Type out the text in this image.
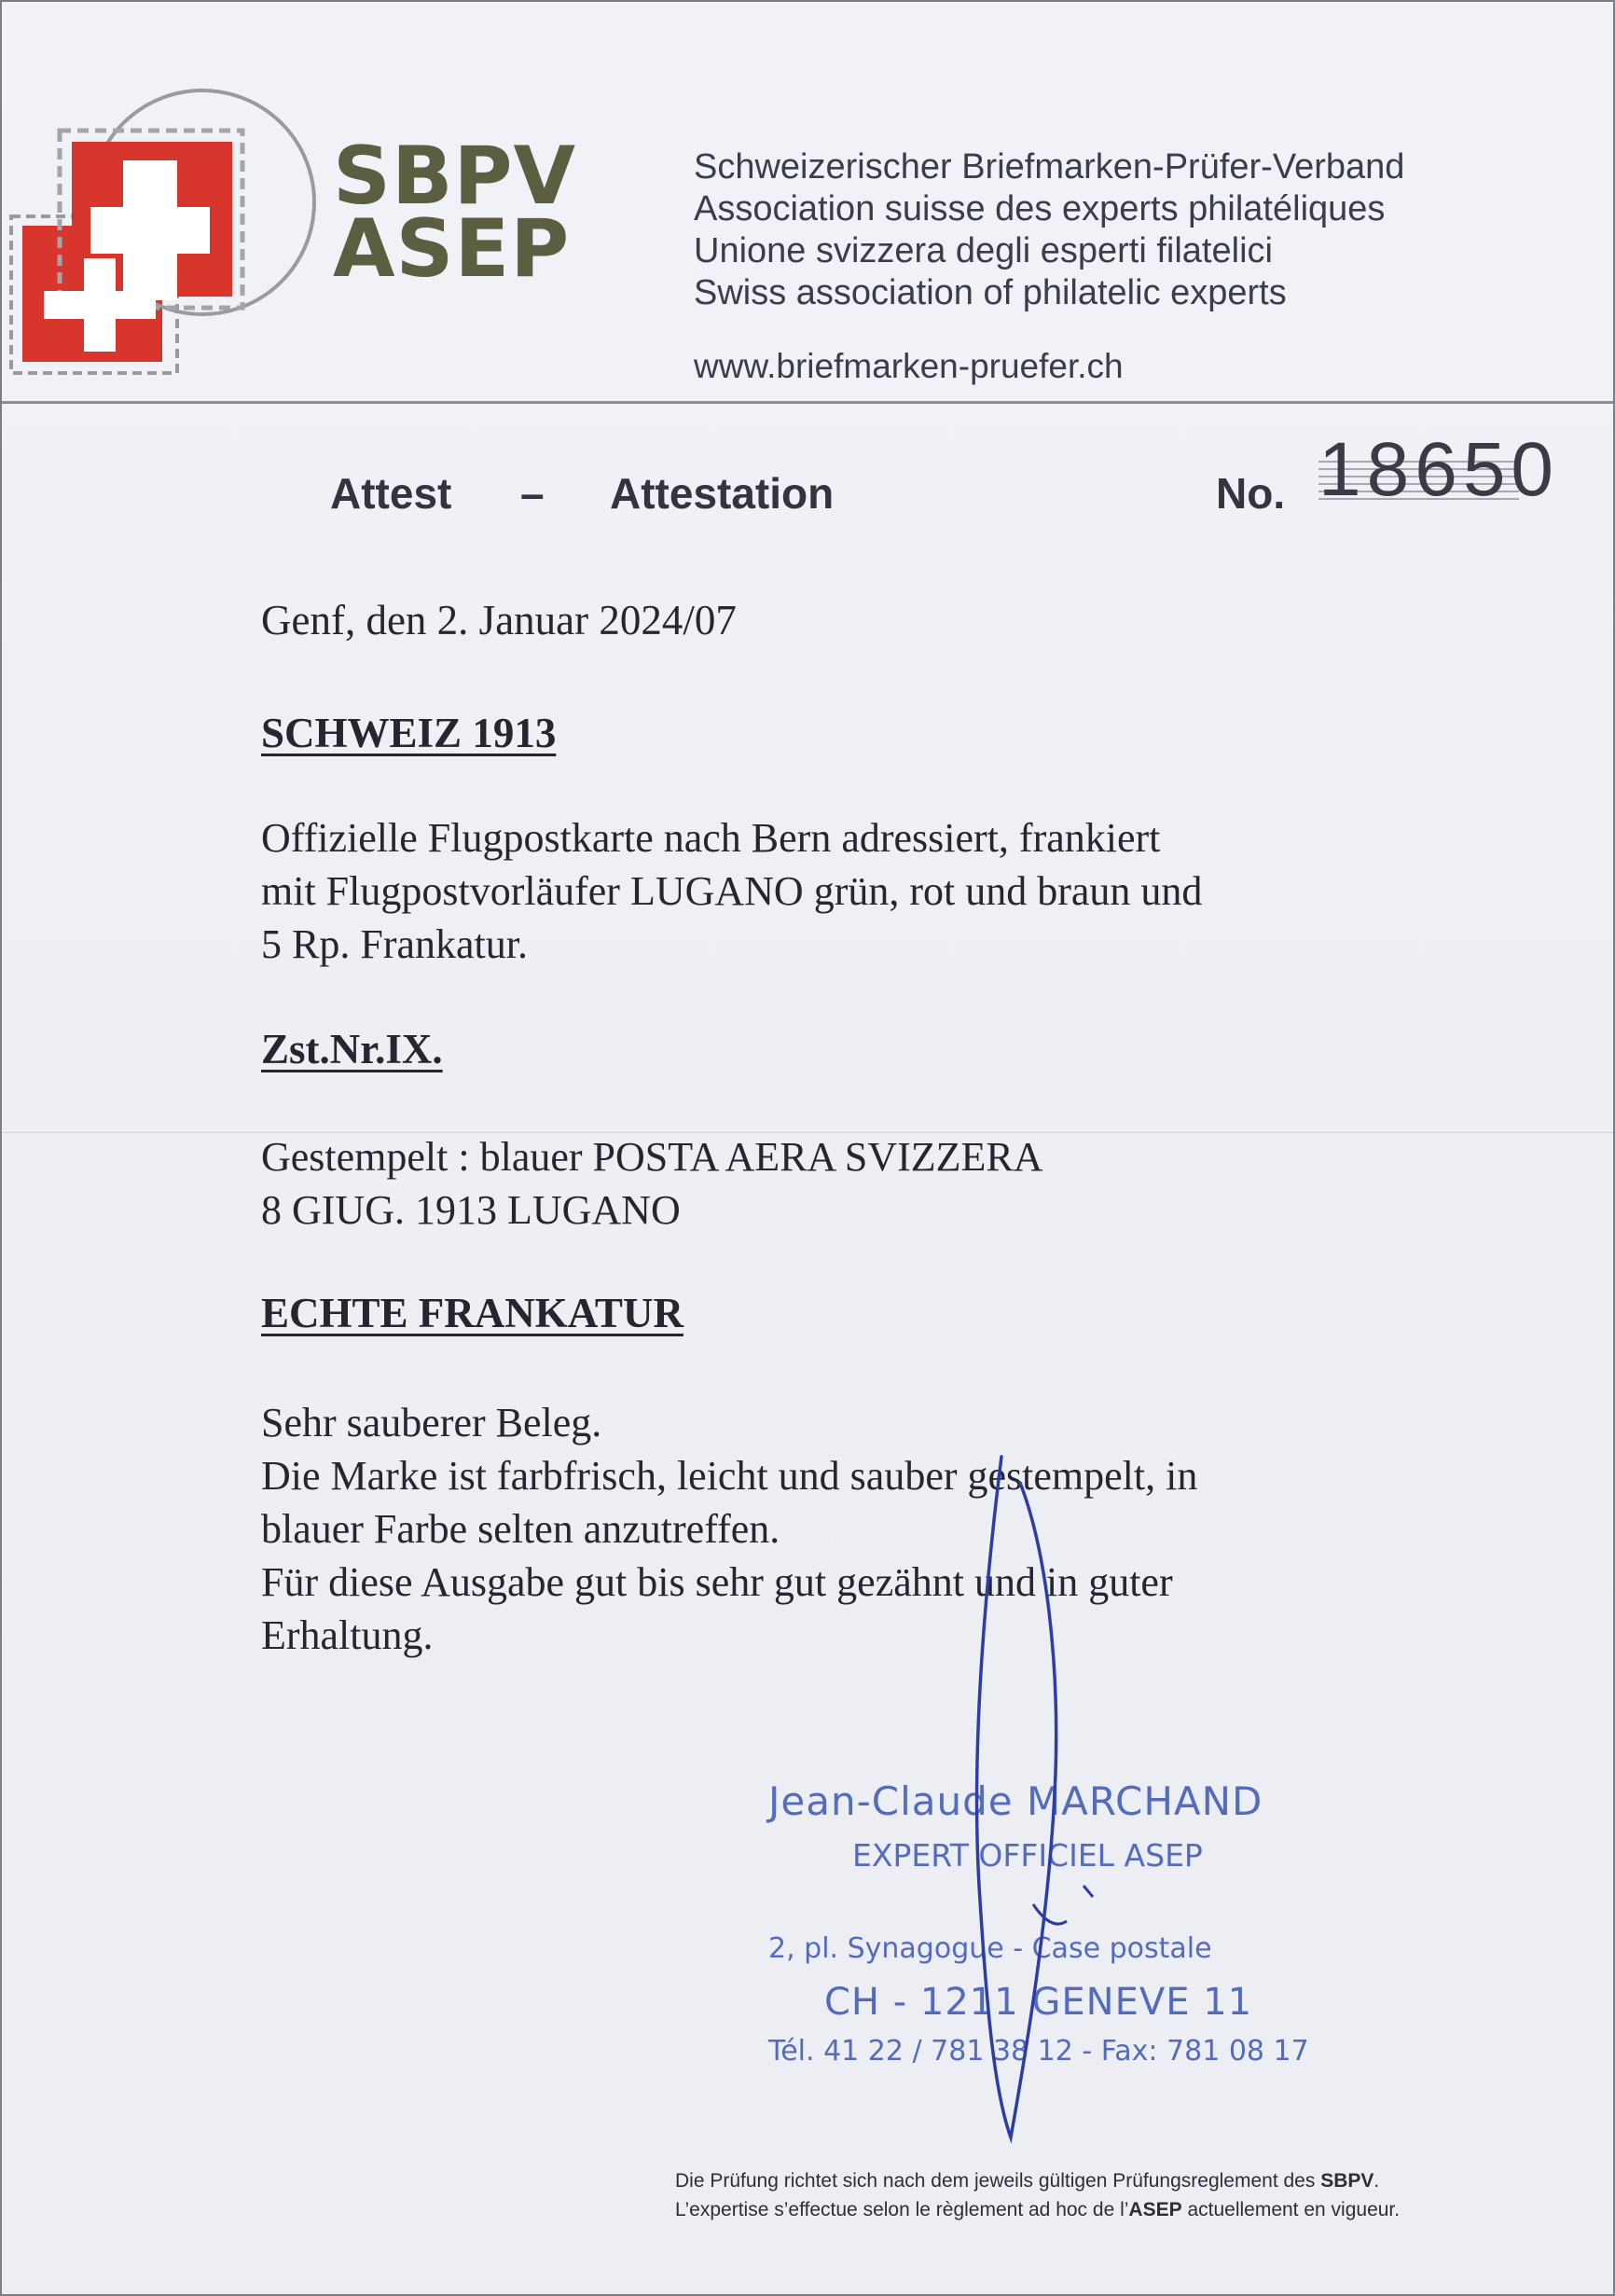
SBPV
ASEP
Schweizerischer Briefmarken-Prüfer-Verband
Association suisse des experts philatéliques
Unione svizzera degli esperti filatelici
Swiss association of philatelic experts
www.briefmarken-pruefer.ch
Attest – Attestation	No. 18650
Genf, den 2. Januar 2024/07
SCHWEIZ 1913
Offizielle Flugpostkarte nach Bern adressiert, frankiert
mit Flugpostvorläufer LUGANO grün, rot und braun und
5 Rp. Frankatur.
Zst.Nr.IX.
Gestempelt : blauer POSTA AERA SVIZZERA
8 GIUG. 1913 LUGANO
ECHTE FRANKATUR
Sehr sauberer Beleg.
Die Marke ist farbfrisch, leicht und sauber gestempelt, in
blauer Farbe selten anzutreffen.
Für diese Ausgabe gut bis sehr gut gezähnt und in guter
Erhaltung.
Jean-Claude MARCHAND
EXPERT OFFICIEL ASEP
2, pl. Synagogue - Case postale
CH - 1211 GENEVE 11
Tél. 41 22 / 781 38 12 - Fax: 781 08 17
Die Prüfung richtet sich nach dem jeweils gültigen Prüfungsreglement des SBPV.
L’expertise s’effectue selon le règlement ad hoc de l’ASEP actuellement en vigueur.
